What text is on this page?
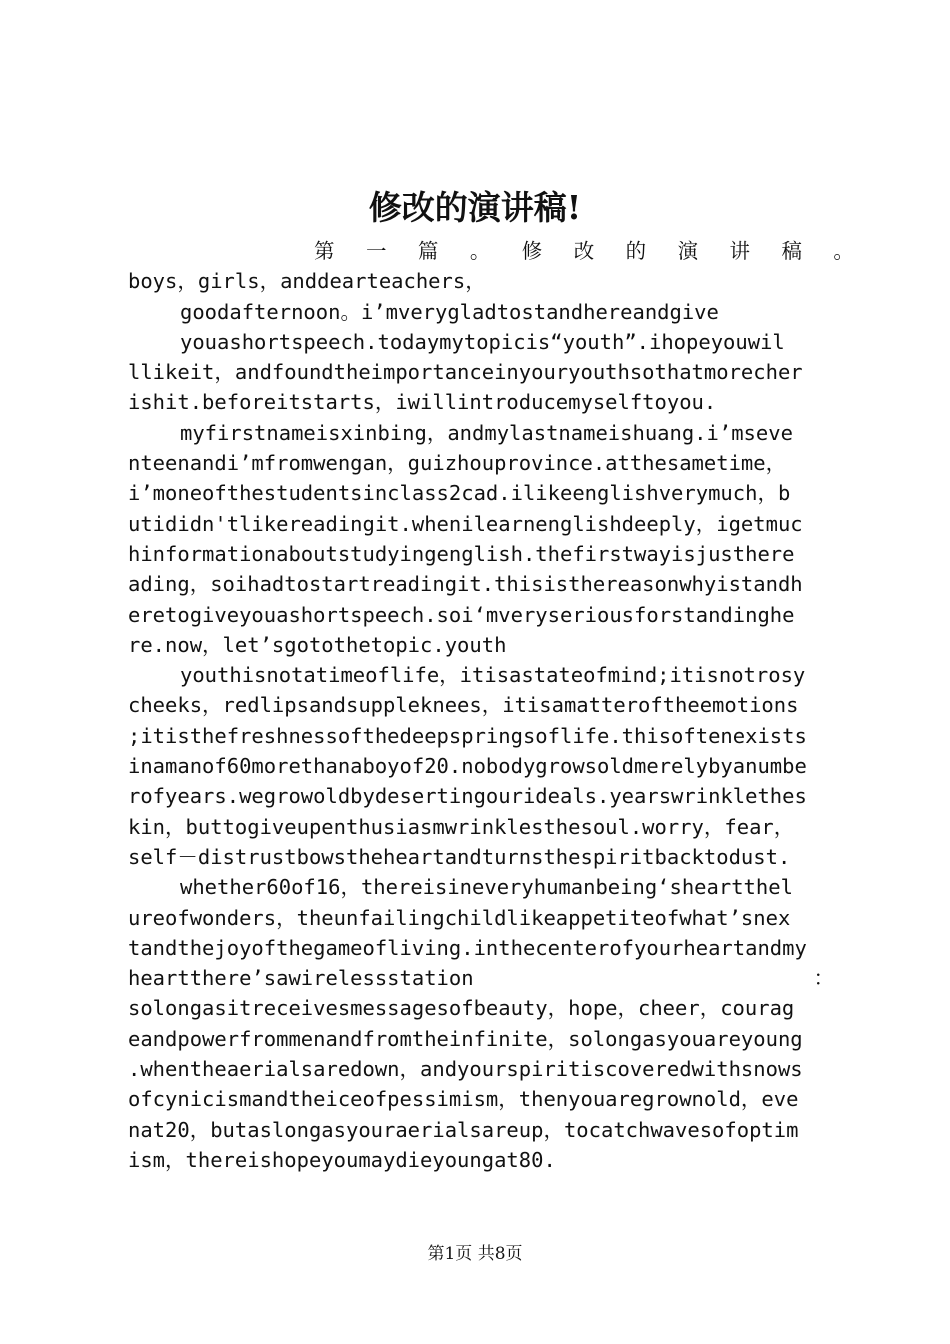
修改的演讲稿!
第 一 篇 。 修 改 的 演 讲 稿 。
boys，girls，anddearteachers，
goodafternoon。i’mverygladtostandhereandgive
youashortspeech.todaymytopicis“youth”.ihopeyouwil
llikeit，andfoundtheimportanceinyouryouthsothatmorecher
ishit.beforeitstarts，iwillintroducemyselftoyou.
myfirstnameisxinbing，andmylastnameishuang.i’mseve
nteenandi’mfromwengan，guizhouprovince.atthesametime，
i’moneofthestudentsinclass2cad.ilikeenglishverymuch，b
utididn'tlikereadingit.whenilearnenglishdeeply，igetmuc
hinformationaboutstudyingenglish.thefirstwayisjusthere
ading，soihadtostartreadingit.thisisthereasonwhyistandh
eretogiveyouashortspeech.soi‘mveryseriousforstandinghe
re.now，let’sgotothetopic.youth
youthisnotatimeoflife，itisastateofmind;itisnotrosy
cheeks，redlipsandsuppleknees，itisamatteroftheemotions
;itisthefreshnessofthedeepspringsoflife.thisoftenexists
inamanof60morethanaboyof20.nobodygrowsoldmerelybyanumbe
rofyears.wegrowoldbydesertingourideals.yearswrinklethes
kin，buttogiveupenthusiasmwrinklesthesoul.worry，fear，
self－distrustbowstheheartandturnsthespiritbacktodust.
whether60of16，thereisineveryhumanbeing‘sheartthel
ureofwonders，theunfailingchildlikeappetiteofwhat’snex
tandthejoyofthegameofliving.inthecenterofyourheartandmy
heartthere’sawirelessstation	：
solongasitreceivesmessagesofbeauty，hope，cheer，courag
eandpowerfrommenandfromtheinfinite，solongasyouareyoung
.whentheaerialsaredown，andyourspiritiscoveredwithsnows
ofcynicismandtheiceofpessimism，thenyouaregrownold，eve
nat20，butaslongasyouraerialsareup，tocatchwavesofoptim
ism，thereishopeyoumaydieyoungat80.
第1页 共8页
